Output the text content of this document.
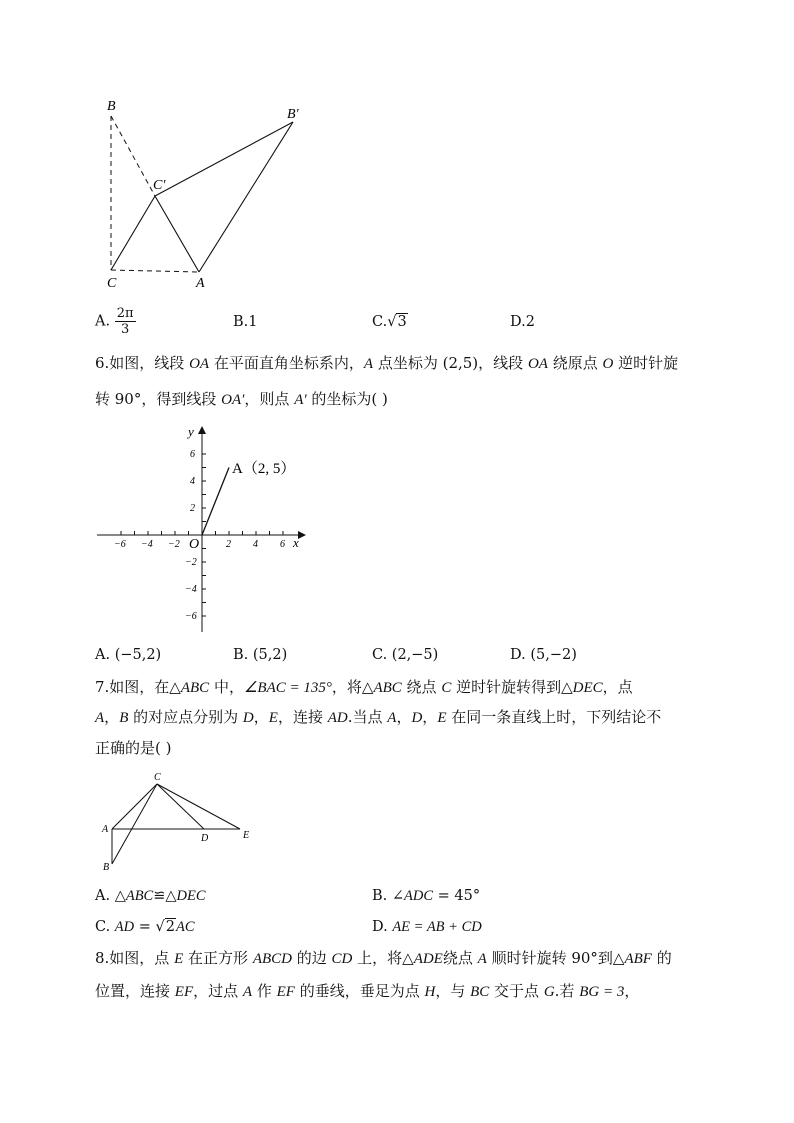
B
B′
C′
C	A
A. $\frac{2\pi}{3}$	B.1	C.√3	D.2
6.如图，线段 OA 在平面直角坐标系内，A 点坐标为 (2,5)，线段 OA 绕原点 O 逆时针旋
转 90°，得到线段 OA′，则点 A′ 的坐标为( )
−6 −4 −2	2 4 6
6
4
2
−2
−4
−6
y
x
O
A（2, 5）
A. (−5,2)	B. (5,2)	C. (2,−5)	D. (5,−2)
7.如图，在△ABC 中，∠BAC = 135°，将△ABC 绕点 C 逆时针旋转得到△DEC，点
A，B 的对应点分别为 D，E，连接 AD.当点 A，D，E 在同一条直线上时，下列结论不
正确的是( )
C
A
D	E
B
A. △ABC≌△DEC	B. ∠ADC = 45°
C. AD = √2AC	D. AE = AB + CD
8.如图，点 E 在正方形 ABCD 的边 CD 上，将△ADE绕点 A 顺时针旋转 90°到△ABF 的
位置，连接 EF，过点 A 作 EF 的垂线，垂足为点 H，与 BC 交于点 G.若 BG = 3，
